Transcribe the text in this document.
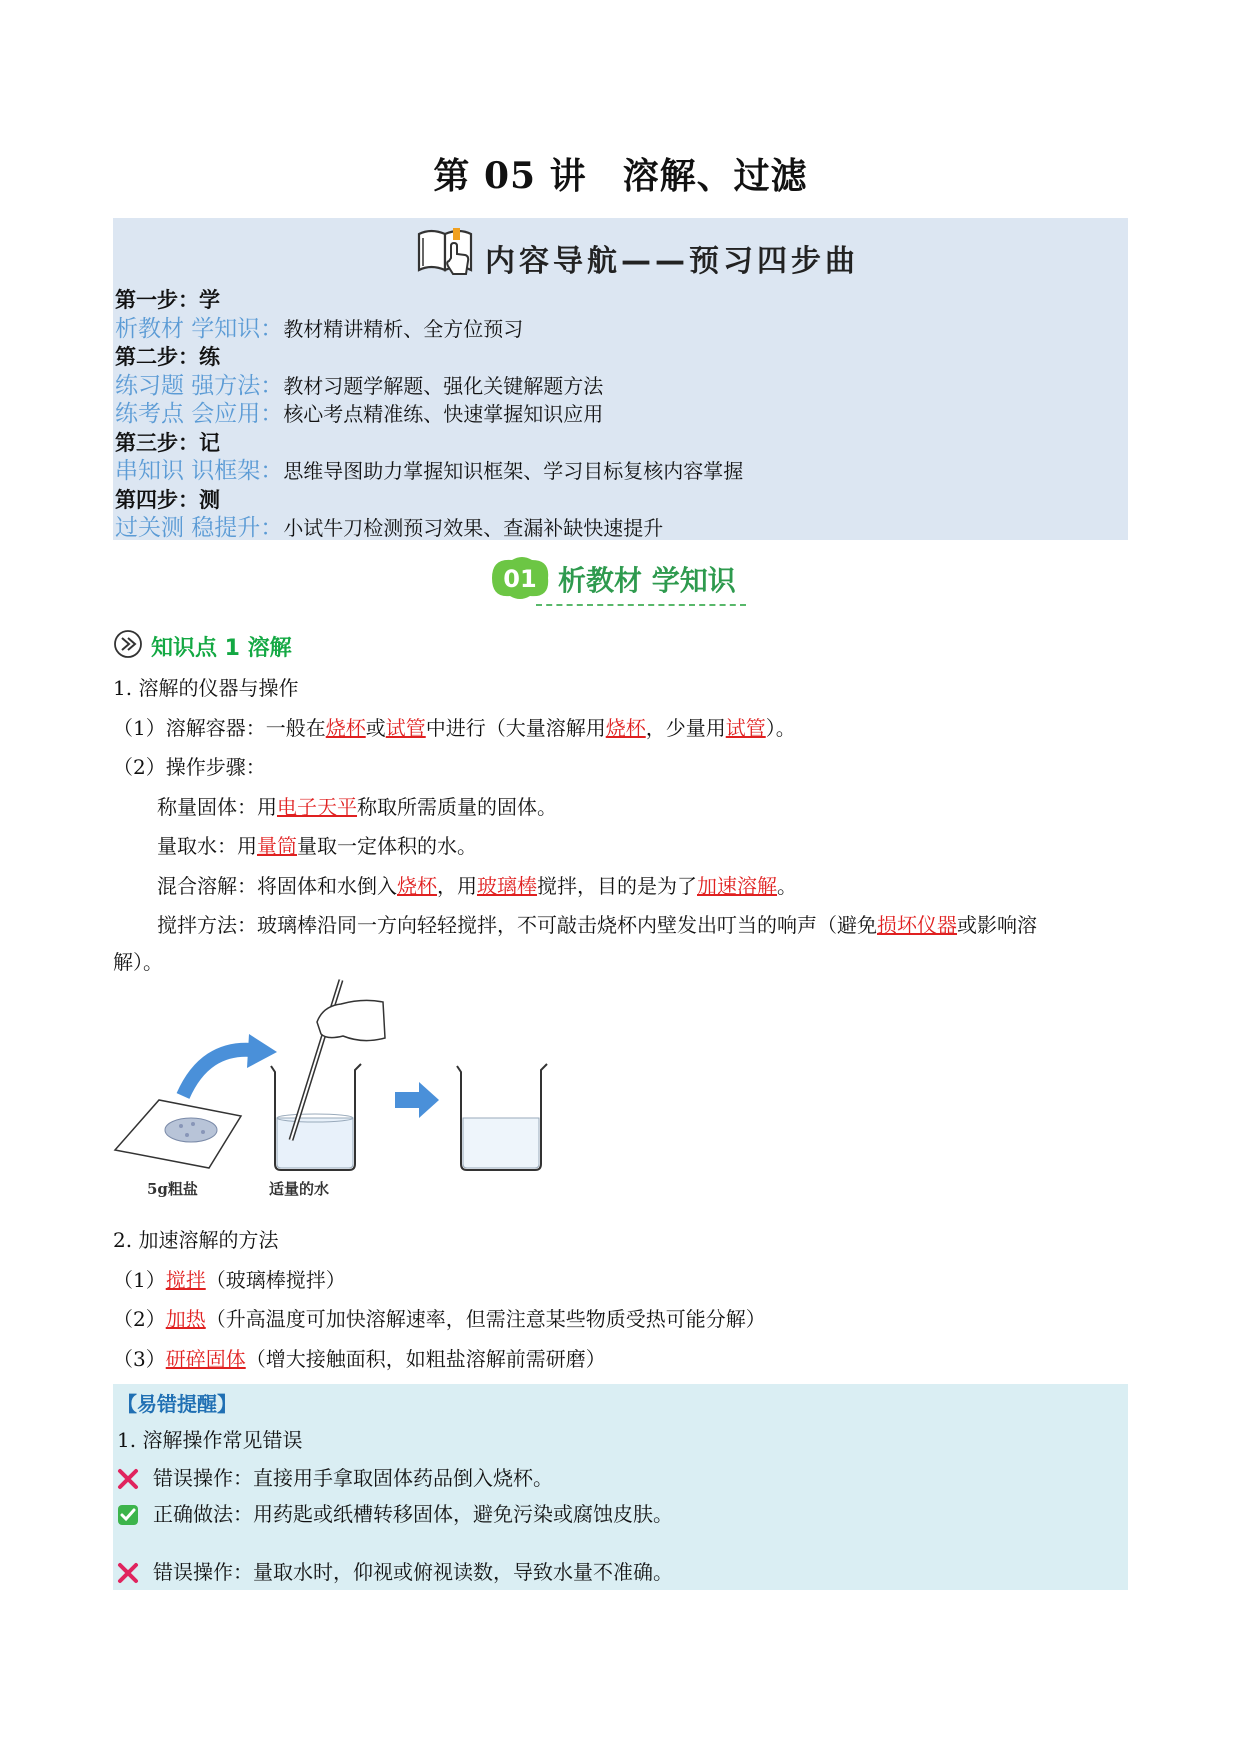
第 05 讲 溶解、过滤
内容导航——预习四步曲
第一步：学
析教材 学知识：教材精讲精析、全方位预习
第二步：练
练习题 强方法：教材习题学解题、强化关键解题方法
练考点 会应用：核心考点精准练、快速掌握知识应用
第三步：记
串知识 识框架：思维导图助力掌握知识框架、学习目标复核内容掌握
第四步：测
过关测 稳提升：小试牛刀检测预习效果、查漏补缺快速提升
01 析教材 学知识
知识点 1 溶解
1. 溶解的仪器与操作
（1）溶解容器：一般在烧杯或试管中进行（大量溶解用烧杯，少量用试管）。
（2）操作步骤：
称量固体：用电子天平称取所需质量的固体。
量取水：用量筒量取一定体积的水。
混合溶解：将固体和水倒入烧杯，用玻璃棒搅拌，目的是为了加速溶解。
搅拌方法：玻璃棒沿同一方向轻轻搅拌，不可敲击烧杯内壁发出叮当的响声（避免损坏仪器或影响溶
解）。
5g粗盐	适量的水
2. 加速溶解的方法
（1）搅拌（玻璃棒搅拌）
（2）加热（升高温度可加快溶解速率，但需注意某些物质受热可能分解）
（3）研碎固体（增大接触面积，如粗盐溶解前需研磨）
【易错提醒】
1. 溶解操作常见错误
错误操作：直接用手拿取固体药品倒入烧杯。
正确做法：用药匙或纸槽转移固体，避免污染或腐蚀皮肤。
错误操作：量取水时，仰视或俯视读数，导致水量不准确。
